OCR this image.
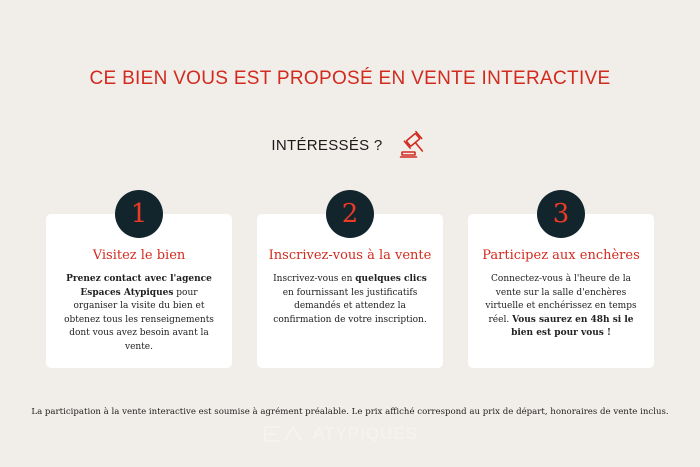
CE BIEN VOUS EST PROPOSÉ EN VENTE INTERACTIVE
INTÉRESSÉS ?
1
Visitez le bien
Prenez contact avec l'agence Espaces Atypiques pour organiser la visite du bien et obtenez tous les renseignements dont vous avez besoin avant la vente.
2
Inscrivez-vous à la vente
Inscrivez-vous en quelques clics en fournissant les justificatifs demandés et attendez la confirmation de votre inscription.
3
Participez aux enchères
Connectez-vous à l'heure de la vente sur la salle d'enchères virtuelle et enchérissez en temps réel. Vous saurez en 48h si le bien est pour vous !
La participation à la vente interactive est soumise à agrément préalable. Le prix affiché correspond au prix de départ, honoraires de vente inclus.
ATYPIQUES
